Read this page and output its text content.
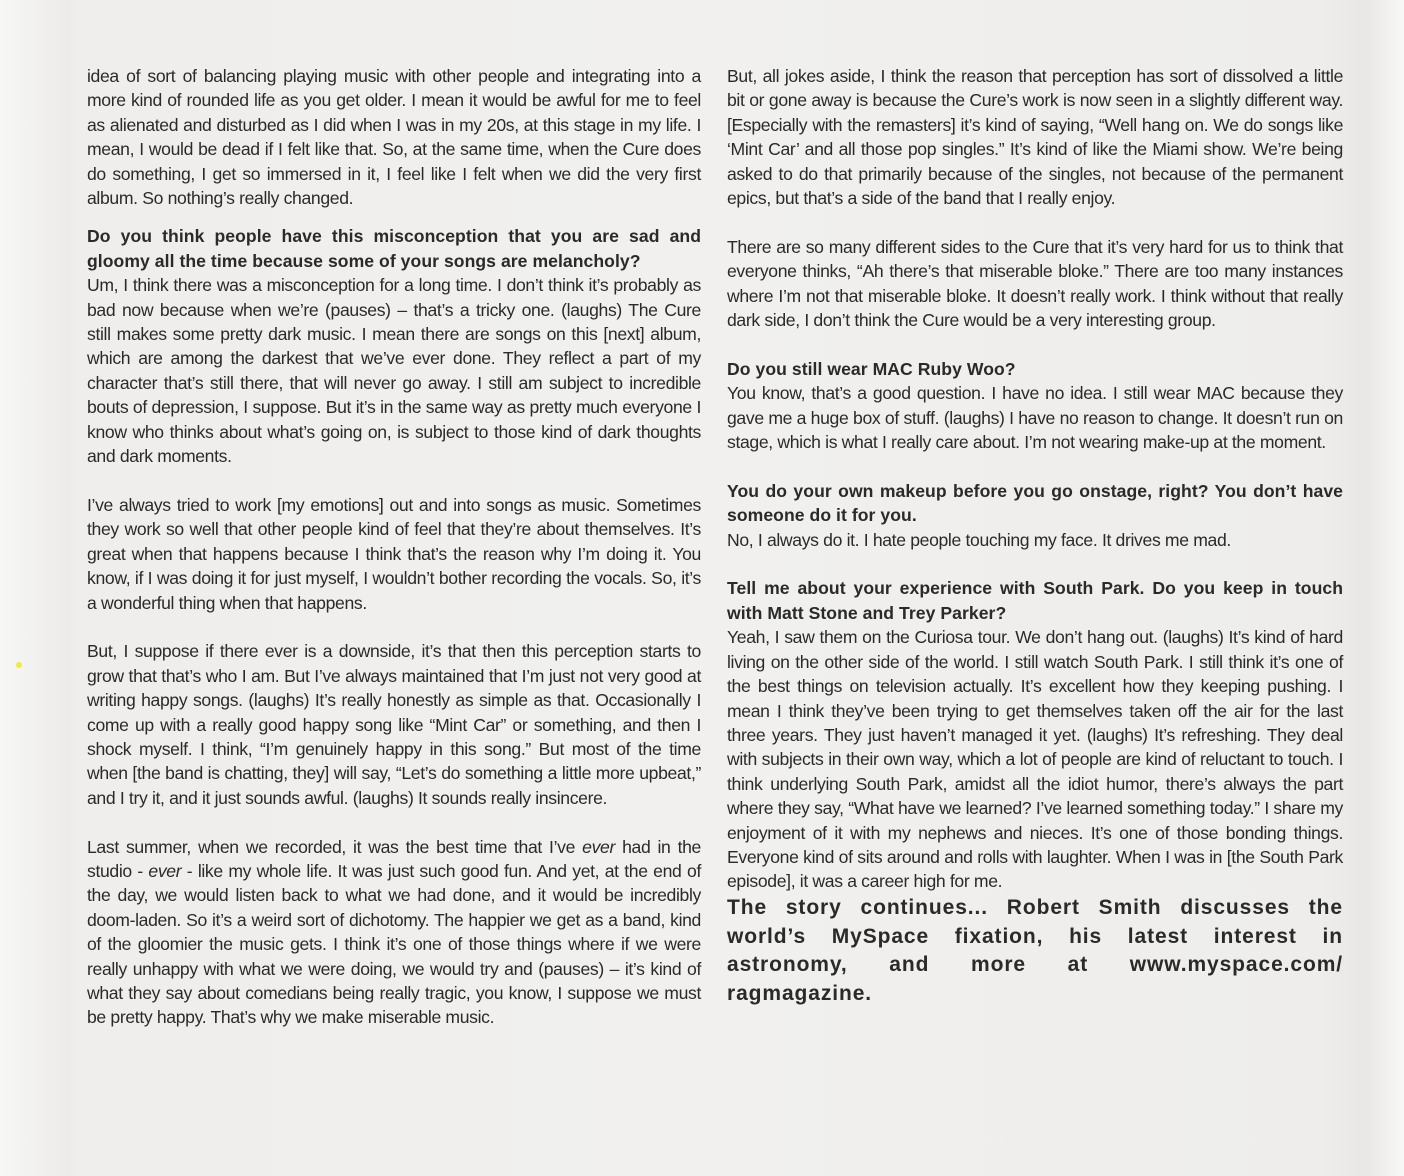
idea of sort of balancing playing music with other people and integrating into a more kind of rounded life as you get older. I mean it would be awful for me to feel as alienated and disturbed as I did when I was in my 20s, at this stage in my life. I mean, I would be dead if I felt like that. So, at the same time, when the Cure does do something, I get so immersed in it, I feel like I felt when we did the very first album. So nothing’s really changed.

Do you think people have this misconception that you are sad and gloomy all the time because some of your songs are melancholy?

Um, I think there was a misconception for a long time. I don’t think it’s probably as bad now because when we’re (pauses) – that’s a tricky one. (laughs) The Cure still makes some pretty dark music. I mean there are songs on this [next] album, which are among the darkest that we’ve ever done. They reflect a part of my character that’s still there, that will never go away. I still am subject to incredible bouts of depression, I suppose. But it’s in the same way as pretty much everyone I know who thinks about what’s going on, is subject to those kind of dark thoughts and dark moments.

I’ve always tried to work [my emotions] out and into songs as music. Sometimes they work so well that other people kind of feel that they’re about themselves. It’s great when that happens because I think that’s the reason why I’m doing it. You know, if I was doing it for just myself, I wouldn’t bother recording the vocals. So, it’s a wonderful thing when that happens.

But, I suppose if there ever is a downside, it’s that then this perception starts to grow that that’s who I am. But I’ve always maintained that I’m just not very good at writing happy songs. (laughs) It’s really honestly as simple as that. Occasionally I come up with a really good happy song like “Mint Car” or something, and then I shock myself. I think, “I’m genuinely happy in this song.” But most of the time when [the band is chatting, they] will say, “Let’s do something a little more upbeat,” and I try it, and it just sounds awful. (laughs) It sounds really insincere.

Last summer, when we recorded, it was the best time that I’ve ever had in the studio - ever - like my whole life. It was just such good fun. And yet, at the end of the day, we would listen back to what we had done, and it would be incredibly doom-laden. So it’s a weird sort of dichotomy. The happier we get as a band, kind of the gloomier the music gets. I think it’s one of those things where if we were really unhappy with what we were doing, we would try and (pauses) – it’s kind of what they say about comedians being really tragic, you know, I suppose we must be pretty happy. That’s why we make miserable music.

But, all jokes aside, I think the reason that perception has sort of dissolved a little bit or gone away is because the Cure’s work is now seen in a slightly different way. [Especially with the remasters] it’s kind of saying, “Well hang on. We do songs like ‘Mint Car’ and all those pop singles.” It’s kind of like the Miami show. We’re being asked to do that primarily because of the singles, not because of the permanent epics, but that’s a side of the band that I really enjoy.

There are so many different sides to the Cure that it’s very hard for us to think that everyone thinks, “Ah there’s that miserable bloke.” There are too many instances where I’m not that miserable bloke. It doesn’t really work. I think without that really dark side, I don’t think the Cure would be a very interesting group.

Do you still wear MAC Ruby Woo?

You know, that’s a good question. I have no idea. I still wear MAC because they gave me a huge box of stuff. (laughs) I have no reason to change. It doesn’t run on stage, which is what I really care about. I’m not wearing make-up at the moment.

You do your own makeup before you go onstage, right? You don’t have someone do it for you.

No, I always do it. I hate people touching my face. It drives me mad.

Tell me about your experience with South Park. Do you keep in touch with Matt Stone and Trey Parker?

Yeah, I saw them on the Curiosa tour. We don’t hang out. (laughs) It’s kind of hard living on the other side of the world. I still watch South Park. I still think it’s one of the best things on television actually. It’s excellent how they keeping pushing. I mean I think they’ve been trying to get themselves taken off the air for the last three years. They just haven’t managed it yet. (laughs) It’s refreshing. They deal with subjects in their own way, which a lot of people are kind of reluctant to touch. I think underlying South Park, amidst all the idiot humor, there’s always the part where they say, “What have we learned? I’ve learned something today.” I share my enjoyment of it with my nephews and nieces. It’s one of those bonding things. Everyone kind of sits around and rolls with laughter. When I was in [the South Park episode], it was a career high for me.

The story continues... Robert Smith discusses the world’s MySpace fixation, his latest interest in astronomy, and more at www.myspace.com/ ragmagazine.
